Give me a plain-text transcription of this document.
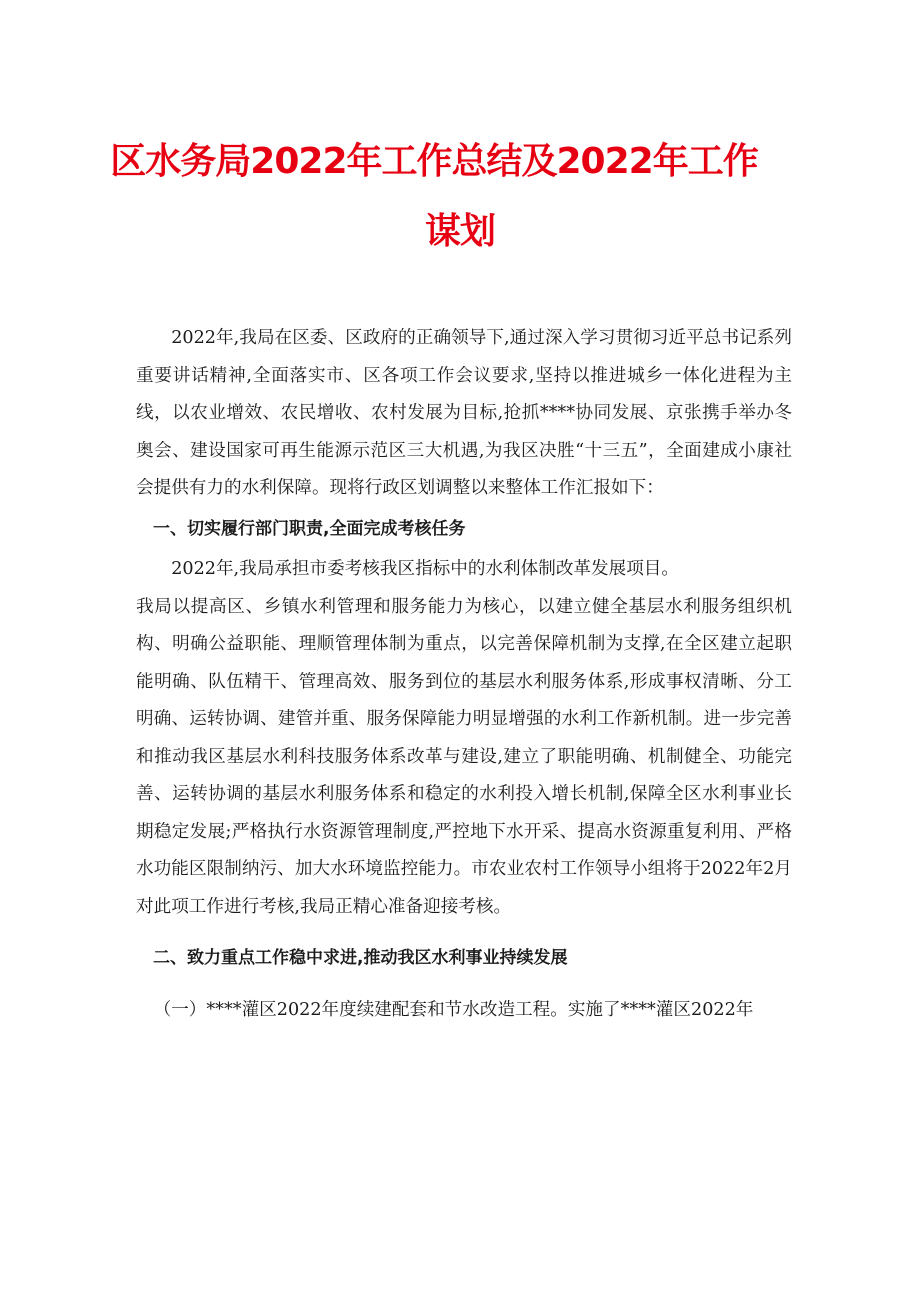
区水务局2022年工作总结及2022年工作
谋划

2022年,我局在区委、区政府的正确领导下,通过深入学习贯彻习近平总书记系列重要讲话精神,全面落实市、区各项工作会议要求,坚持以推进城乡一体化进程为主线，以农业增效、农民增收、农村发展为目标,抢抓****协同发展、京张携手举办冬奥会、建设国家可再生能源示范区三大机遇,为我区决胜“十三五”，全面建成小康社会提供有力的水利保障。现将行政区划调整以来整体工作汇报如下：

一、切实履行部门职责,全面完成考核任务

2022年,我局承担市委考核我区指标中的水利体制改革发展项目。

我局以提高区、乡镇水利管理和服务能力为核心，以建立健全基层水利服务组织机构、明确公益职能、理顺管理体制为重点，以完善保障机制为支撑,在全区建立起职能明确、队伍精干、管理高效、服务到位的基层水利服务体系,形成事权清晰、分工明确、运转协调、建管并重、服务保障能力明显增强的水利工作新机制。进一步完善和推动我区基层水利科技服务体系改革与建设,建立了职能明确、机制健全、功能完善、运转协调的基层水利服务体系和稳定的水利投入增长机制,保障全区水利事业长期稳定发展;严格执行水资源管理制度,严控地下水开采、提高水资源重复利用、严格水功能区限制纳污、加大水环境监控能力。市农业农村工作领导小组将于2022年2月对此项工作进行考核,我局正精心准备迎接考核。

二、致力重点工作稳中求进,推动我区水利事业持续发展

（一）****灌区2022年度续建配套和节水改造工程。实施了****灌区2022年
